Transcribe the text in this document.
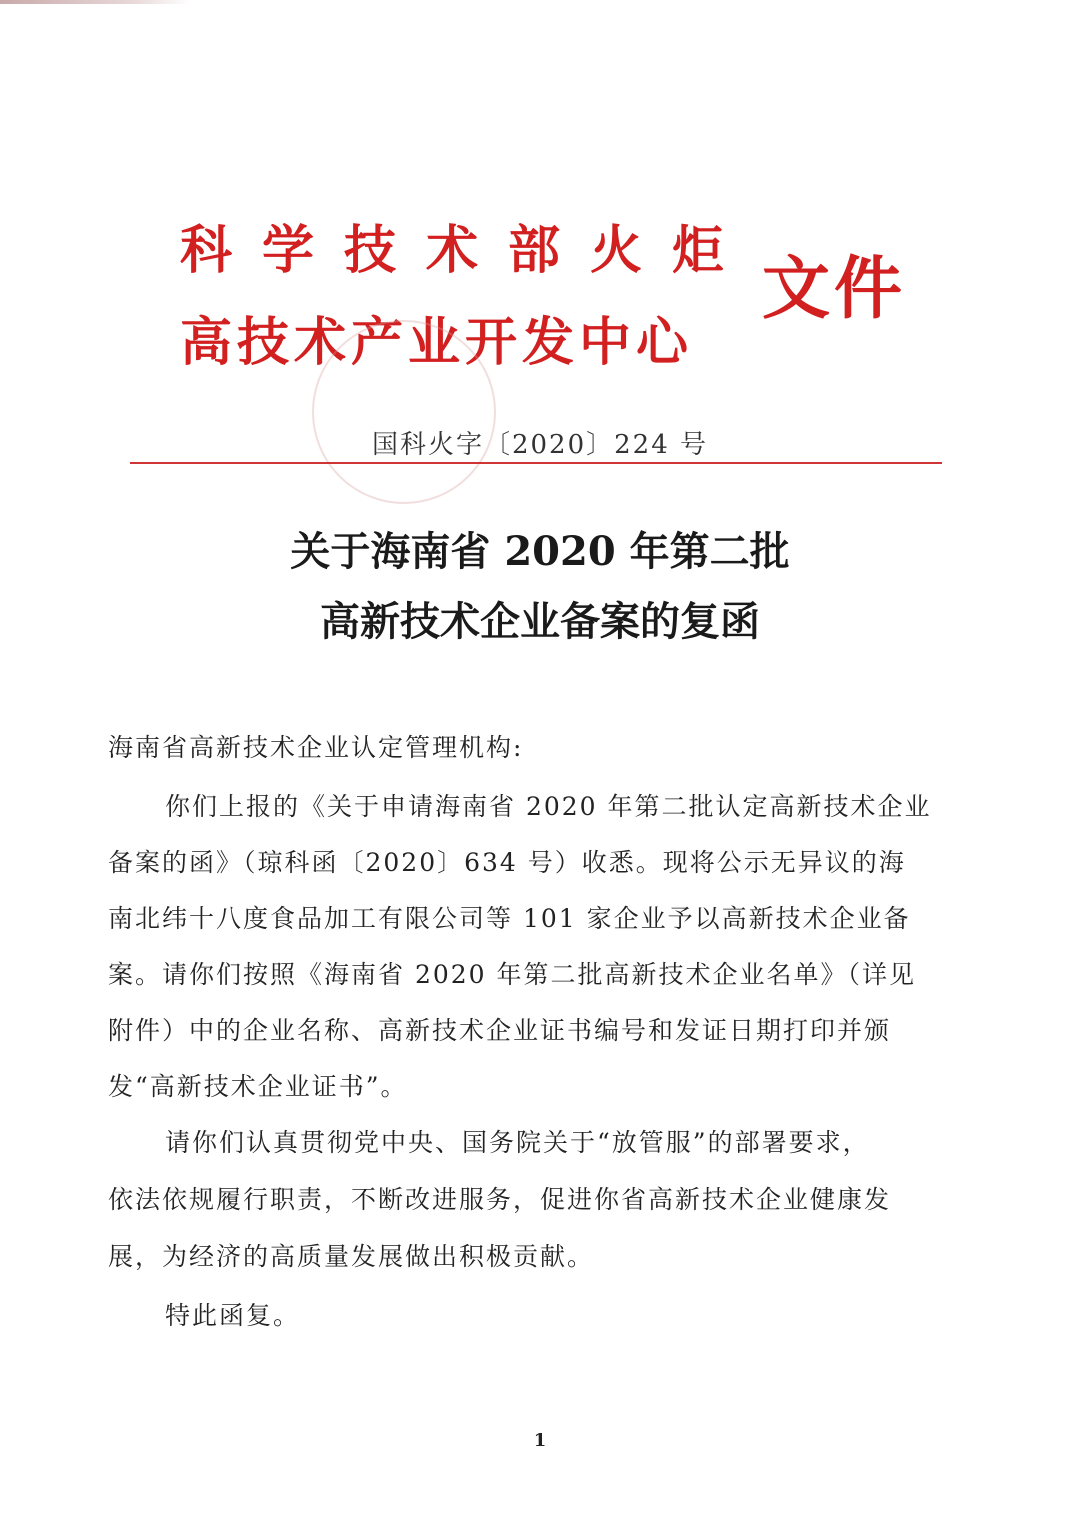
科学技术部火炬
高技术产业开发中心
文件
国科火字〔2020〕224 号
关于海南省 2020 年第二批
高新技术企业备案的复函
海南省高新技术企业认定管理机构:
你们上报的《关于申请海南省 2020 年第二批认定高新技术企业
备案的函》（琼科函〔2020〕634 号）收悉。现将公示无异议的海
南北纬十八度食品加工有限公司等 101 家企业予以高新技术企业备
案。请你们按照《海南省 2020 年第二批高新技术企业名单》（详见
附件）中的企业名称、高新技术企业证书编号和发证日期打印并颁
发“高新技术企业证书”。
请你们认真贯彻党中央、国务院关于“放管服”的部署要求，
依法依规履行职责，不断改进服务，促进你省高新技术企业健康发
展，为经济的高质量发展做出积极贡献。
特此函复。
1
